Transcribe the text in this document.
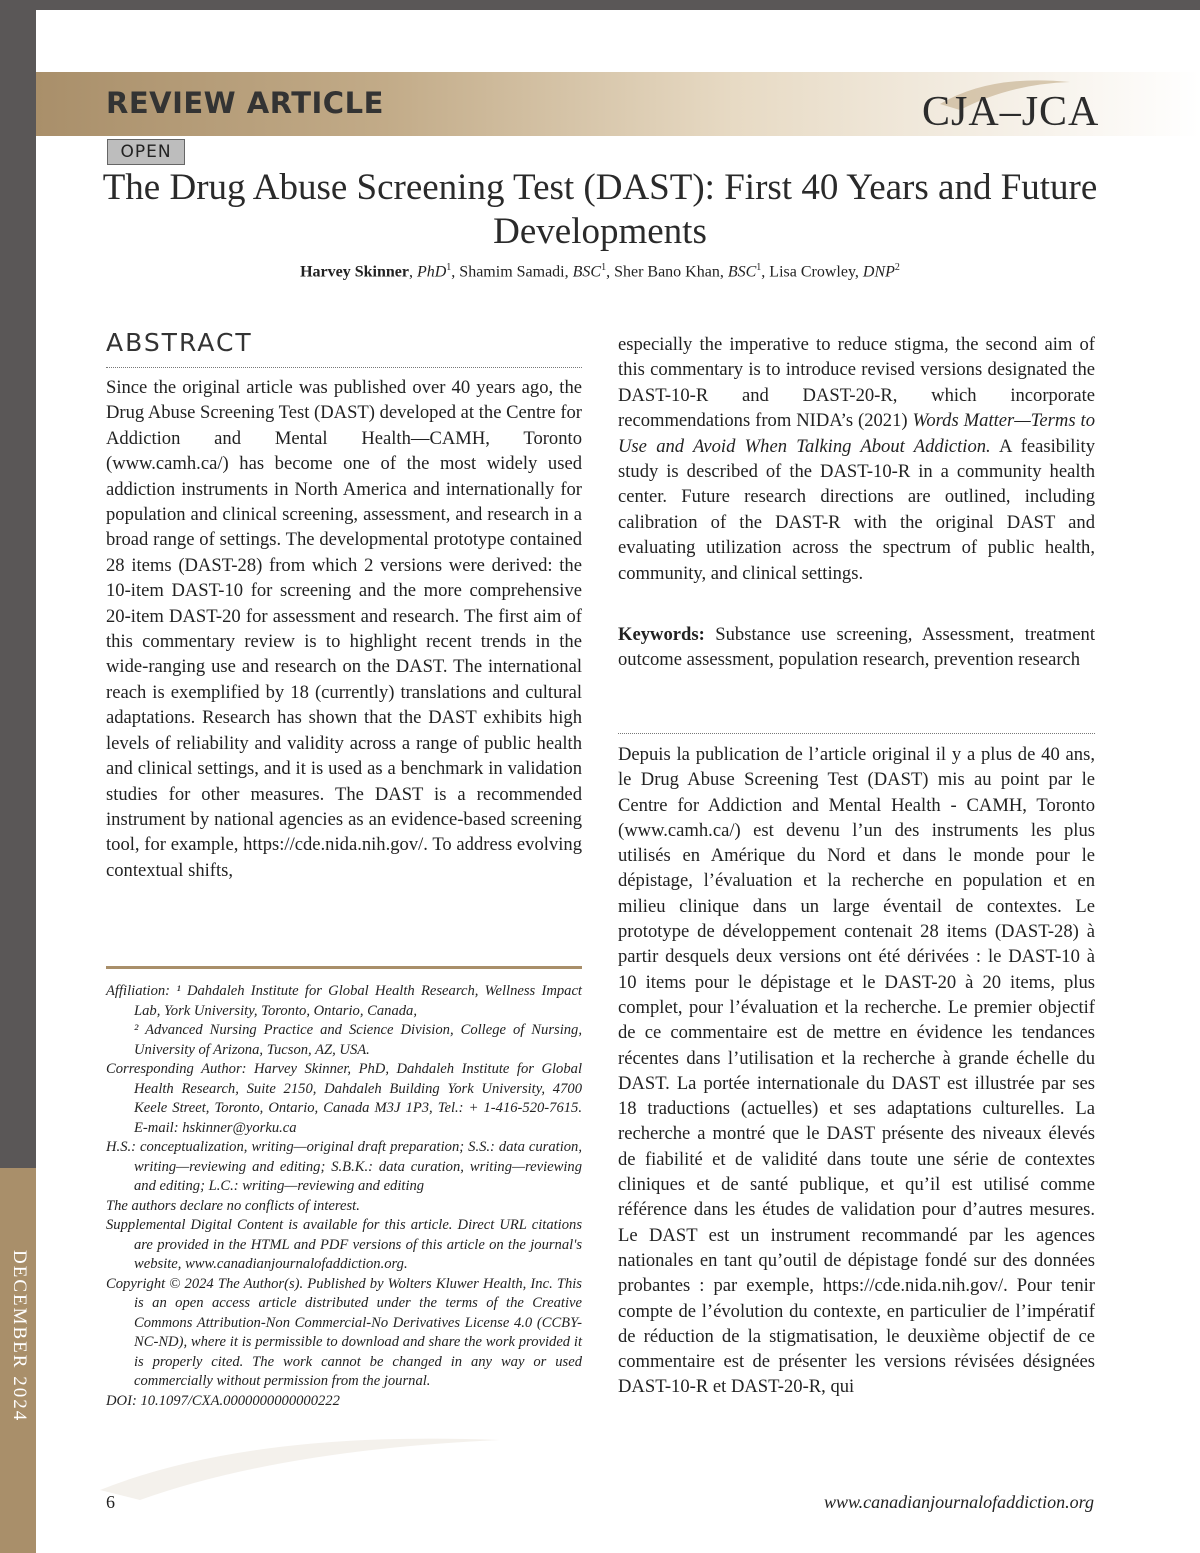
DECEMBER 2024
REVIEW ARTICLE	CJA–JCA
OPEN
The Drug Abuse Screening Test (DAST): First 40 Years and Future Developments
Harvey Skinner, PhD$^1$, Shamim Samadi, BSC$^1$, Sher Bano Khan, BSC$^1$, Lisa Crowley, DNP$^2$
ABSTRACT

Since the original article was published over 40 years ago, the Drug Abuse Screening Test (DAST) developed at the Centre for Addiction and Mental Health—CAMH, Toronto (www.camh.ca/) has become one of the most widely used addiction instruments in North America and internationally for population and clinical screening, assessment, and research in a broad range of settings. The developmental prototype contained 28 items (DAST-28) from which 2 versions were derived: the 10-item DAST-10 for screening and the more comprehensive 20-item DAST-20 for assessment and research. The first aim of this commentary review is to highlight recent trends in the wide-ranging use and research on the DAST. The international reach is exemplified by 18 (currently) translations and cultural adaptations. Research has shown that the DAST exhibits high levels of reliability and validity across a range of public health and clinical settings, and it is used as a benchmark in validation studies for other measures. The DAST is a recommended instrument by national agencies as an evidence-based screening tool, for example, https://cde.nida.nih.gov/. To address evolving contextual shifts,

especially the imperative to reduce stigma, the second aim of this commentary is to introduce revised versions designated the DAST-10-R and DAST-20-R, which incorporate recommendations from NIDA’s (2021) Words Matter—Terms to Use and Avoid When Talking About Addiction. A feasibility study is described of the DAST-10-R in a community health center. Future research directions are outlined, including calibration of the DAST-R with the original DAST and evaluating utilization across the spectrum of public health, community, and clinical settings.

Keywords: Substance use screening, Assessment, treatment outcome assessment, population research, prevention research

Depuis la publication de l’article original il y a plus de 40 ans, le Drug Abuse Screening Test (DAST) mis au point par le Centre for Addiction and Mental Health - CAMH, Toronto (www.camh.ca/) est devenu l’un des instruments les plus utilisés en Amérique du Nord et dans le monde pour le dépistage, l’évaluation et la recherche en population et en milieu clinique dans un large éventail de contextes. Le prototype de développement contenait 28 items (DAST-28) à partir desquels deux versions ont été dérivées : le DAST-10 à 10 items pour le dépistage et le DAST-20 à 20 items, plus complet, pour l’évaluation et la recherche. Le premier objectif de ce commentaire est de mettre en évidence les tendances récentes dans l’utilisation et la recherche à grande échelle du DAST. La portée internationale du DAST est illustrée par ses 18 traductions (actuelles) et ses adaptations culturelles. La recherche a montré que le DAST présente des niveaux élevés de fiabilité et de validité dans toute une série de contextes cliniques et de santé publique, et qu’il est utilisé comme référence dans les études de validation pour d’autres mesures. Le DAST est un instrument recommandé par les agences nationales en tant qu’outil de dépistage fondé sur des données probantes : par exemple, https://cde.nida.nih.gov/. Pour tenir compte de l’évolution du contexte, en particulier de l’impératif de réduction de la stigmatisation, le deuxième objectif de ce commentaire est de présenter les versions révisées désignées DAST-10-R et DAST-20-R, qui

Affiliation: ¹ Dahdaleh Institute for Global Health Research, Wellness Impact Lab, York University, Toronto, Ontario, Canada,

² Advanced Nursing Practice and Science Division, College of Nursing, University of Arizona, Tucson, AZ, USA.

Corresponding Author: Harvey Skinner, PhD, Dahdaleh Institute for Global Health Research, Suite 2150, Dahdaleh Building York University, 4700 Keele Street, Toronto, Ontario, Canada M3J 1P3, Tel.: + 1-416-520-7615. E-mail: hskinner@yorku.ca

H.S.: conceptualization, writing—original draft preparation; S.S.: data curation, writing—reviewing and editing; S.B.K.: data curation, writing—reviewing and editing; L.C.: writing—reviewing and editing

The authors declare no conflicts of interest.

Supplemental Digital Content is available for this article. Direct URL citations are provided in the HTML and PDF versions of this article on the journal's website, www.canadianjournalofaddiction.org.

Copyright © 2024 The Author(s). Published by Wolters Kluwer Health, Inc. This is an open access article distributed under the terms of the Creative Commons Attribution-Non Commercial-No Derivatives License 4.0 (CCBY-NC-ND), where it is permissible to download and share the work provided it is properly cited. The work cannot be changed in any way or used commercially without permission from the journal.

DOI: 10.1097/CXA.0000000000000222

6	www.canadianjournalofaddiction.org
